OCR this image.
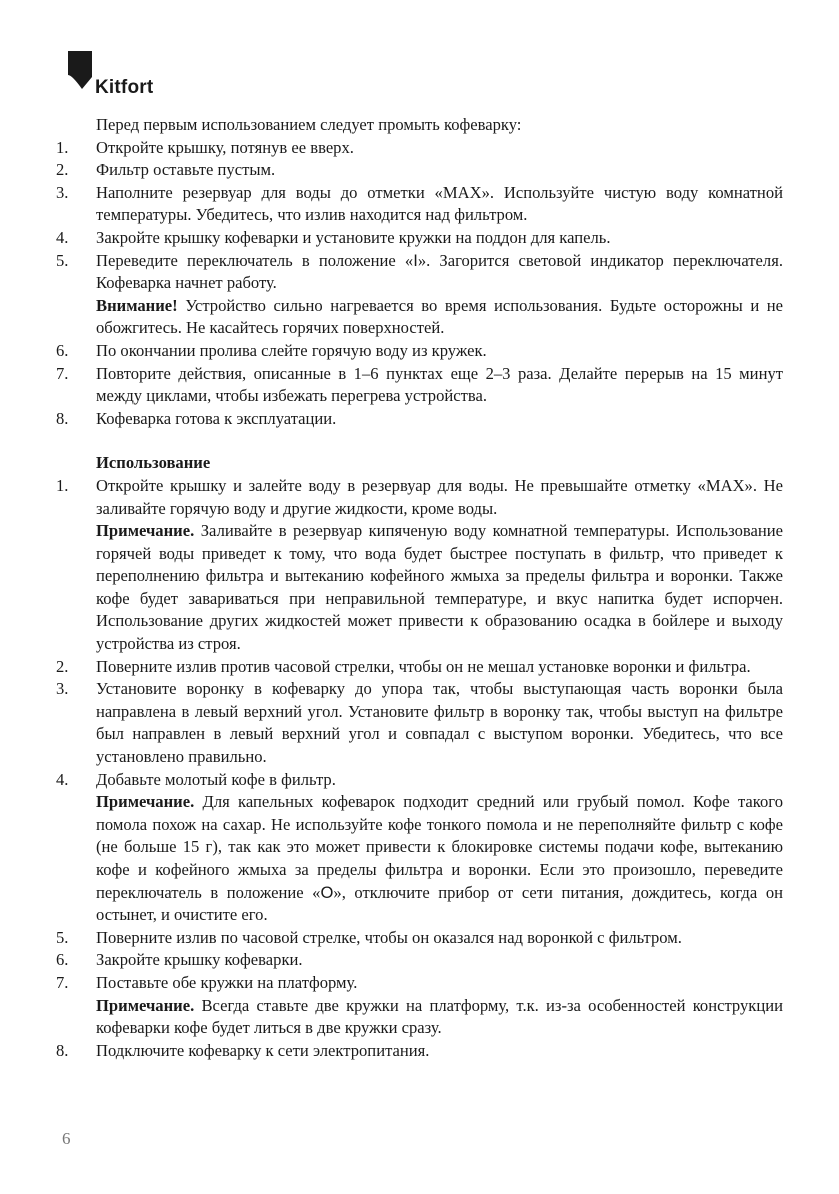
Kitfort
Перед первым использованием следует промыть кофеварку:
1. Откройте крышку, потянув ее вверх.
2. Фильтр оставьте пустым.
3. Наполните резервуар для воды до отметки «MAX». Используйте чистую воду комнатной температуры. Убедитесь, что излив находится над фильтром.
4. Закройте крышку кофеварки и установите кружки на поддон для капель.
5. Переведите переключатель в положение «I». Загорится световой индикатор переключателя. Кофеварка начнет работу.
Внимание! Устройство сильно нагревается во время использования. Будьте осторожны и не обожгитесь. Не касайтесь горячих поверхностей.
6. По окончании пролива слейте горячую воду из кружек.
7. Повторите действия, описанные в 1–6 пунктах еще 2–3 раза. Делайте перерыв на 15 минут между циклами, чтобы избежать перегрева устройства.
8. Кофеварка готова к эксплуатации.
Использование
1. Откройте крышку и залейте воду в резервуар для воды. Не превышайте отметку «MAX». Не заливайте горячую воду и другие жидкости, кроме воды.
Примечание. Заливайте в резервуар кипяченую воду комнатной температуры. Использование горячей воды приведет к тому, что вода будет быстрее поступать в фильтр, что приведет к переполнению фильтра и вытеканию кофейного жмыха за пределы фильтра и воронки. Также кофе будет завариваться при неправильной температуре, и вкус напитка будет испорчен. Использование других жидкостей может привести к образованию осадка в бойлере и выходу устройства из строя.
2. Поверните излив против часовой стрелки, чтобы он не мешал установке воронки и фильтра.
3. Установите воронку в кофеварку до упора так, чтобы выступающая часть воронки была направлена в левый верхний угол. Установите фильтр в воронку так, чтобы выступ на фильтре был направлен в левый верхний угол и совпадал с выступом воронки. Убедитесь, что все установлено правильно.
4. Добавьте молотый кофе в фильтр.
Примечание. Для капельных кофеварок подходит средний или грубый помол. Кофе такого помола похож на сахар. Не используйте кофе тонкого помола и не переполняйте фильтр с кофе (не больше 15 г), так как это может привести к блокировке системы подачи кофе, вытеканию кофе и кофейного жмыха за пределы фильтра и воронки. Если это произошло, переведите переключатель в положение «O», отключите прибор от сети питания, дождитесь, когда он остынет, и очистите его.
5. Поверните излив по часовой стрелке, чтобы он оказался над воронкой с фильтром.
6. Закройте крышку кофеварки.
7. Поставьте обе кружки на платформу.
Примечание. Всегда ставьте две кружки на платформу, т.к. из-за особенностей конструкции кофеварки кофе будет литься в две кружки сразу.
8. Подключите кофеварку к сети электропитания.
6
